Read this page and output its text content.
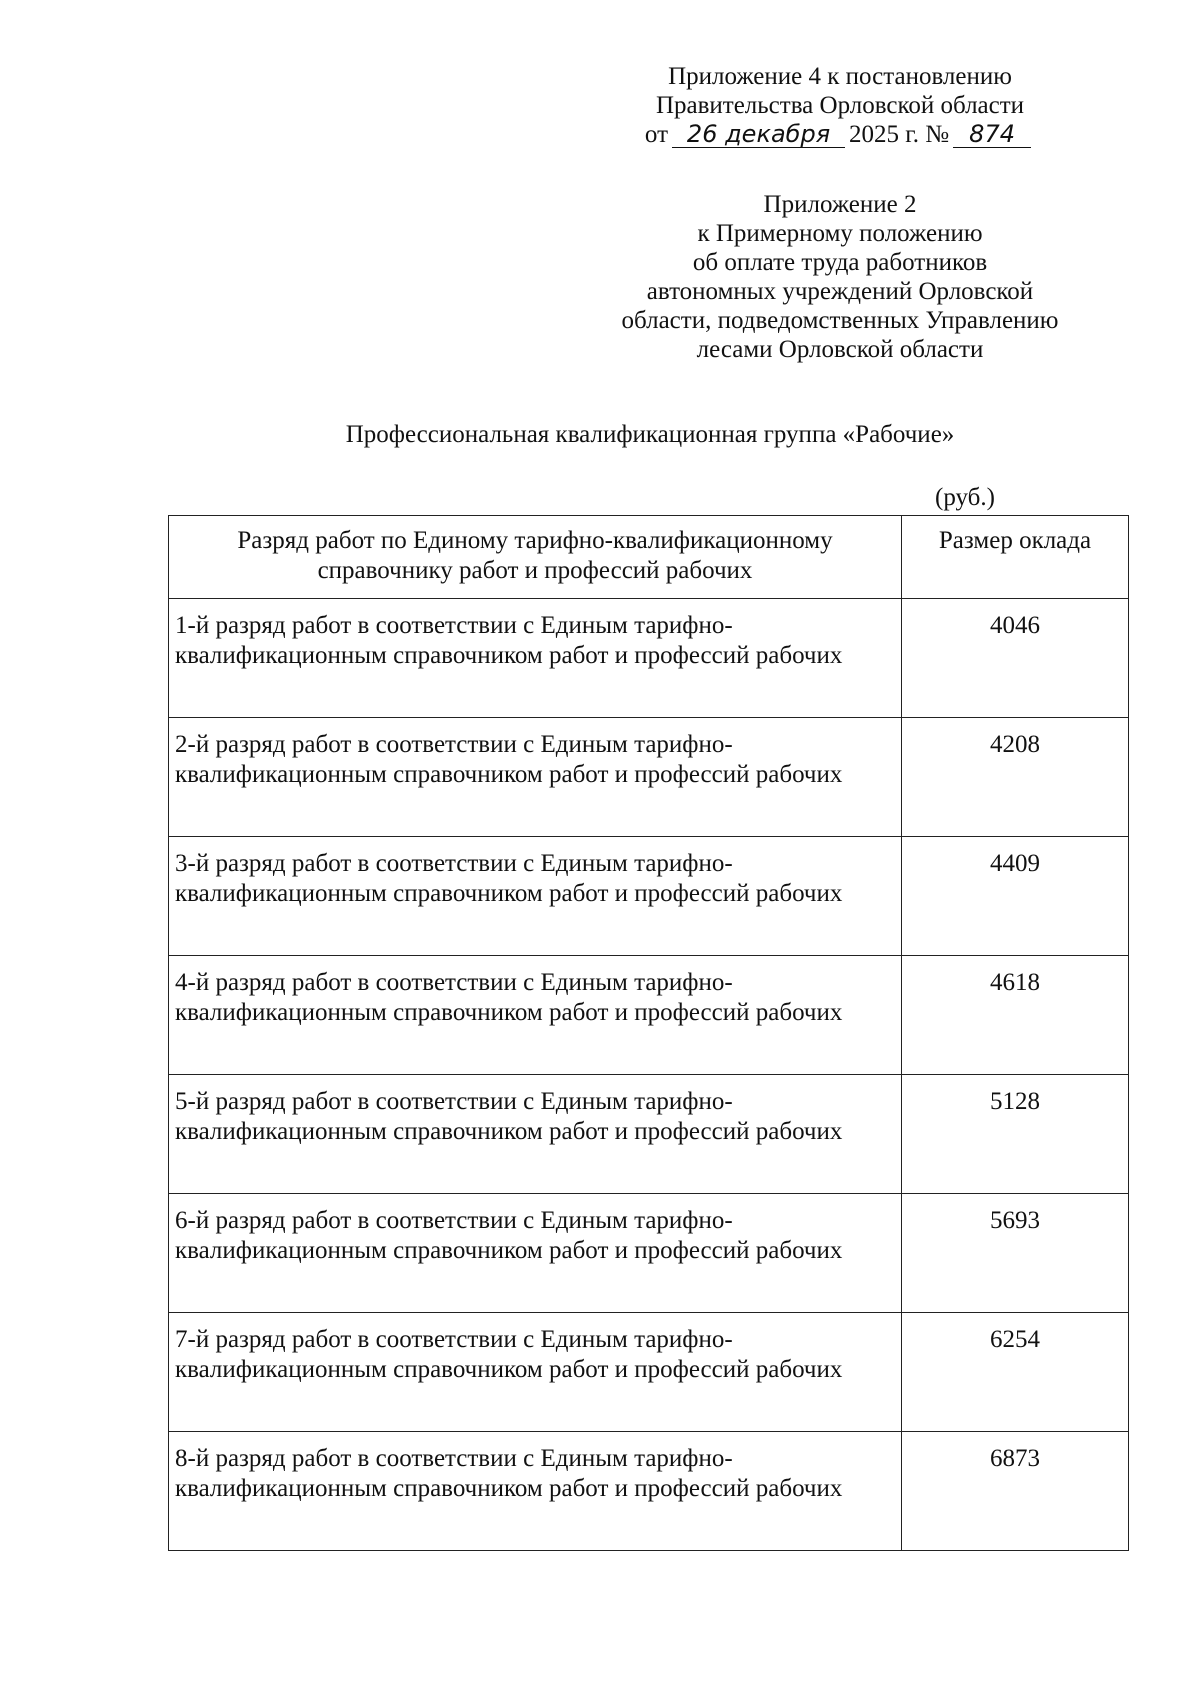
Приложение 4 к постановлению
Правительства Орловской области
от 26 декабря 2025 г. № 874
Приложение 2
к Примерному положению
об оплате труда работников
автономных учреждений Орловской
области, подведомственных Управлению
лесами Орловской области
Профессиональная квалификационная группа «Рабочие»
(руб.)
Разряд работ по Единому тарифно-квалификационному справочнику работ и профессий рабочих	Размер оклада
1-й разряд работ в соответствии с Единым тарифно-квалификационным справочником работ и профессий рабочих	4046
2-й разряд работ в соответствии с Единым тарифно-квалификационным справочником работ и профессий рабочих	4208
3-й разряд работ в соответствии с Единым тарифно-квалификационным справочником работ и профессий рабочих	4409
4-й разряд работ в соответствии с Единым тарифно-квалификационным справочником работ и профессий рабочих	4618
5-й разряд работ в соответствии с Единым тарифно-квалификационным справочником работ и профессий рабочих	5128
6-й разряд работ в соответствии с Единым тарифно-квалификационным справочником работ и профессий рабочих	5693
7-й разряд работ в соответствии с Единым тарифно-квалификационным справочником работ и профессий рабочих	6254
8-й разряд работ в соответствии с Единым тарифно-квалификационным справочником работ и профессий рабочих	6873
